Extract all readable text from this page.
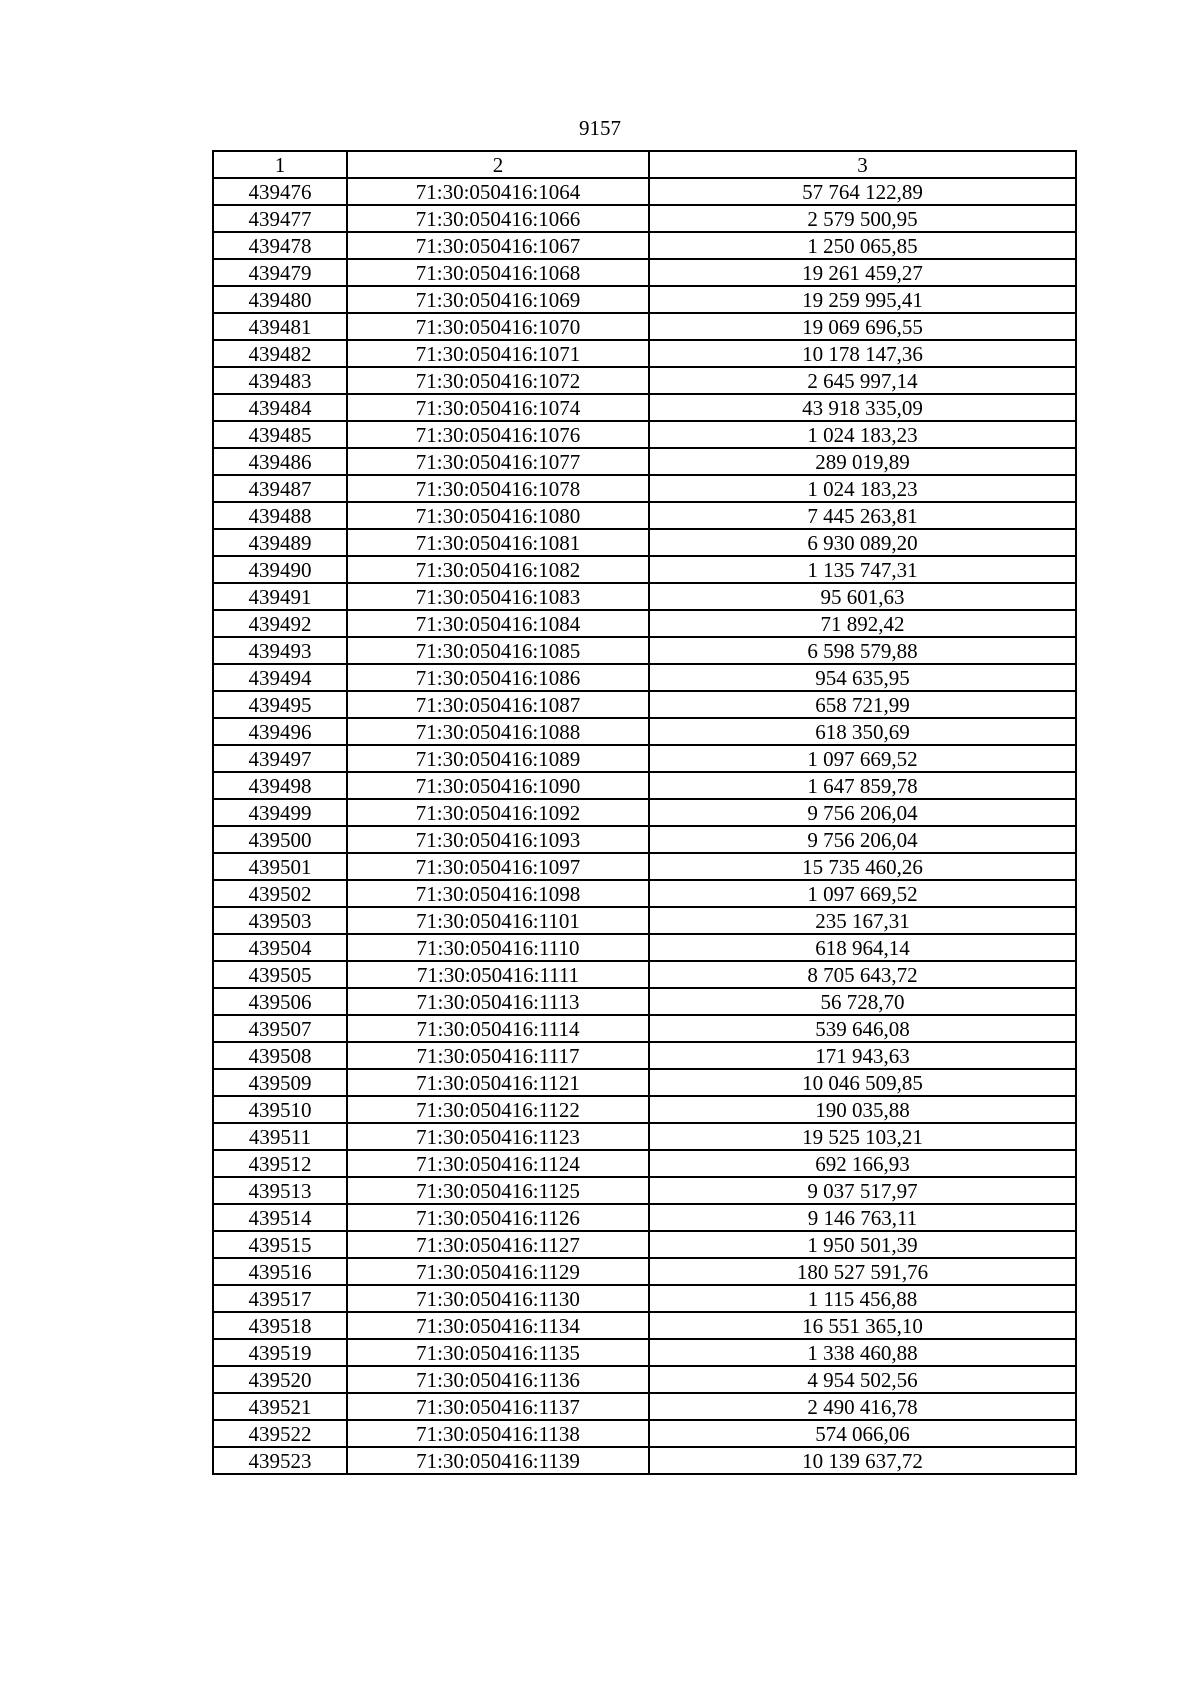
9157
1	2	3
439476	71:30:050416:1064	57 764 122,89
439477	71:30:050416:1066	2 579 500,95
439478	71:30:050416:1067	1 250 065,85
439479	71:30:050416:1068	19 261 459,27
439480	71:30:050416:1069	19 259 995,41
439481	71:30:050416:1070	19 069 696,55
439482	71:30:050416:1071	10 178 147,36
439483	71:30:050416:1072	2 645 997,14
439484	71:30:050416:1074	43 918 335,09
439485	71:30:050416:1076	1 024 183,23
439486	71:30:050416:1077	289 019,89
439487	71:30:050416:1078	1 024 183,23
439488	71:30:050416:1080	7 445 263,81
439489	71:30:050416:1081	6 930 089,20
439490	71:30:050416:1082	1 135 747,31
439491	71:30:050416:1083	95 601,63
439492	71:30:050416:1084	71 892,42
439493	71:30:050416:1085	6 598 579,88
439494	71:30:050416:1086	954 635,95
439495	71:30:050416:1087	658 721,99
439496	71:30:050416:1088	618 350,69
439497	71:30:050416:1089	1 097 669,52
439498	71:30:050416:1090	1 647 859,78
439499	71:30:050416:1092	9 756 206,04
439500	71:30:050416:1093	9 756 206,04
439501	71:30:050416:1097	15 735 460,26
439502	71:30:050416:1098	1 097 669,52
439503	71:30:050416:1101	235 167,31
439504	71:30:050416:1110	618 964,14
439505	71:30:050416:1111	8 705 643,72
439506	71:30:050416:1113	56 728,70
439507	71:30:050416:1114	539 646,08
439508	71:30:050416:1117	171 943,63
439509	71:30:050416:1121	10 046 509,85
439510	71:30:050416:1122	190 035,88
439511	71:30:050416:1123	19 525 103,21
439512	71:30:050416:1124	692 166,93
439513	71:30:050416:1125	9 037 517,97
439514	71:30:050416:1126	9 146 763,11
439515	71:30:050416:1127	1 950 501,39
439516	71:30:050416:1129	180 527 591,76
439517	71:30:050416:1130	1 115 456,88
439518	71:30:050416:1134	16 551 365,10
439519	71:30:050416:1135	1 338 460,88
439520	71:30:050416:1136	4 954 502,56
439521	71:30:050416:1137	2 490 416,78
439522	71:30:050416:1138	574 066,06
439523	71:30:050416:1139	10 139 637,72
